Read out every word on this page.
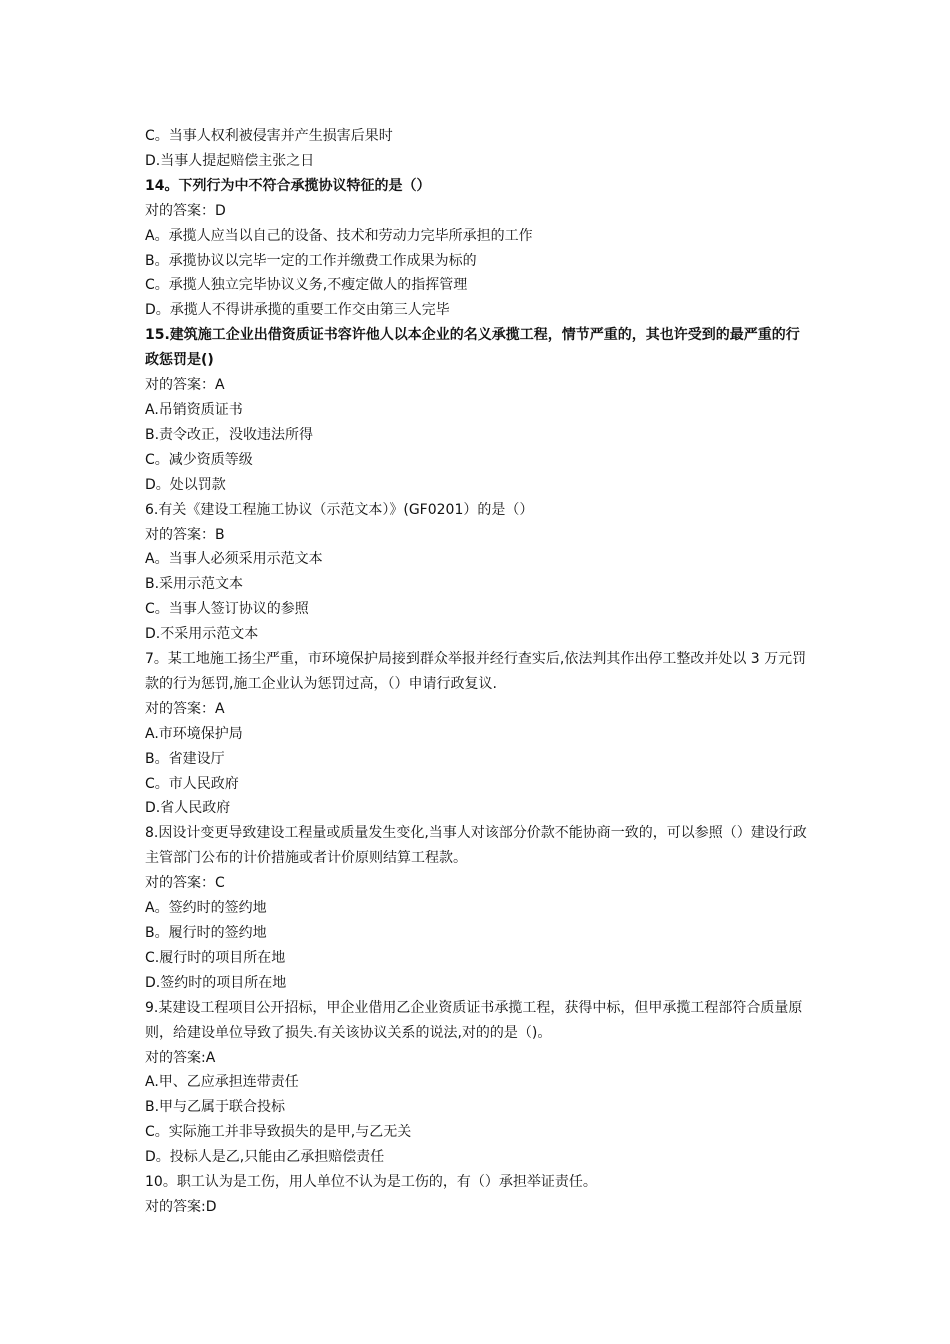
C。当事人权利被侵害并产生损害后果时
D.当事人提起赔偿主张之日
14。下列行为中不符合承揽协议特征的是（）
对的答案：D
A。承揽人应当以自己的设备、技术和劳动力完毕所承担的工作
B。承揽协议以完毕一定的工作并缴费工作成果为标的
C。承揽人独立完毕协议义务,不瘦定做人的指挥管理
D。承揽人不得讲承揽的重要工作交由第三人完毕
15.建筑施工企业出借资质证书容许他人以本企业的名义承揽工程，情节严重的，其也许受到的最严重的行政惩罚是()
对的答案：A
A.吊销资质证书
B.责令改正，没收违法所得
C。减少资质等级
D。处以罚款
6.有关《建设工程施工协议（示范文本）》(GF0201）的是（）
对的答案：B
A。当事人必须采用示范文本
B.采用示范文本
C。当事人签订协议的参照
D.不采用示范文本
7。某工地施工扬尘严重，市环境保护局接到群众举报并经行查实后,依法判其作出停工整改并处以 3 万元罚款的行为惩罚,施工企业认为惩罚过高，（）申请行政复议.
对的答案：A
A.市环境保护局
B。省建设厅
C。市人民政府
D.省人民政府
8.因设计变更导致建设工程量或质量发生变化,当事人对该部分价款不能协商一致的，可以参照（）建设行政主管部门公布的计价措施或者计价原则结算工程款。
对的答案：C
A。签约时的签约地
B。履行时的签约地
C.履行时的项目所在地
D.签约时的项目所在地
9.某建设工程项目公开招标，甲企业借用乙企业资质证书承揽工程，获得中标，但甲承揽工程部符合质量原则，给建设单位导致了损失.有关该协议关系的说法,对的的是（)。
对的答案:A
A.甲、乙应承担连带责任
B.甲与乙属于联合投标
C。实际施工并非导致损失的是甲,与乙无关
D。投标人是乙,只能由乙承担赔偿责任
10。职工认为是工伤，用人单位不认为是工伤的，有（）承担举证责任。
对的答案:D
